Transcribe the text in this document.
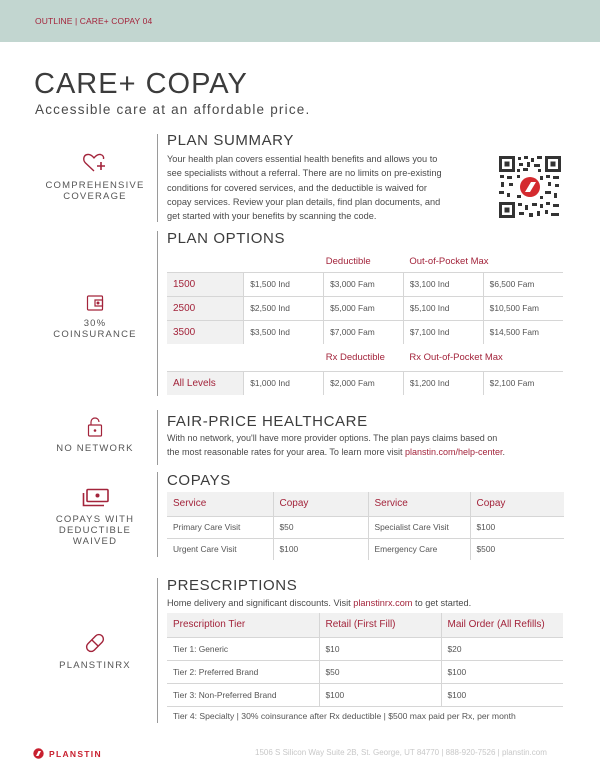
OUTLINE | CARE+ COPAY 04
CARE+ COPAY
Accessible care at an affordable price.
COMPREHENSIVE
COVERAGE
PLAN SUMMARY
Your health plan covers essential health benefits and allows you to
see specialists without a referral. There are no limits on pre-existing
conditions for covered services, and the deductible is waived for
copay services. Review your plan details, find plan documents, and
get started with your benefits by scanning the code.
30%
COINSURANCE
PLAN OPTIONS
	Deductible		Out-of-Pocket Max	
1500	$1,500 Ind	$3,000 Fam	$3,100 Ind	$6,500 Fam
2500	$2,500 Ind	$5,000 Fam	$5,100 Ind	$10,500 Fam
3500	$3,500 Ind	$7,000 Fam	$7,100 Ind	$14,500 Fam
	Rx Deductible		Rx Out-of-Pocket Max	
All Levels	$1,000 Ind	$2,000 Fam	$1,200 Ind	$2,100 Fam
NO NETWORK
FAIR-PRICE HEALTHCARE
With no network, you'll have more provider options. The plan pays claims based on
the most reasonable rates for your area. To learn more visit planstin.com/help-center.
COPAYS WITH
DEDUCTIBLE
WAIVED
COPAYS
Service	Copay	Service	Copay
Primary Care Visit	$50	Specialist Care Visit	$100
Urgent Care Visit	$100	Emergency Care	$500
PLANSTINRX
PRESCRIPTIONS
Home delivery and significant discounts. Visit planstinrx.com to get started.
Prescription Tier	Retail (First Fill)	Mail Order (All Refills)
Tier 1: Generic	$10	$20
Tier 2: Preferred Brand	$50	$100
Tier 3: Non-Preferred Brand	$100	$100
Tier 4: Specialty | 30% coinsurance after Rx deductible | $500 max paid per Rx, per month		
PLANSTIN	1506 S Silicon Way Suite 2B, St. George, UT 84770 | 888-920-7526 | planstin.com
